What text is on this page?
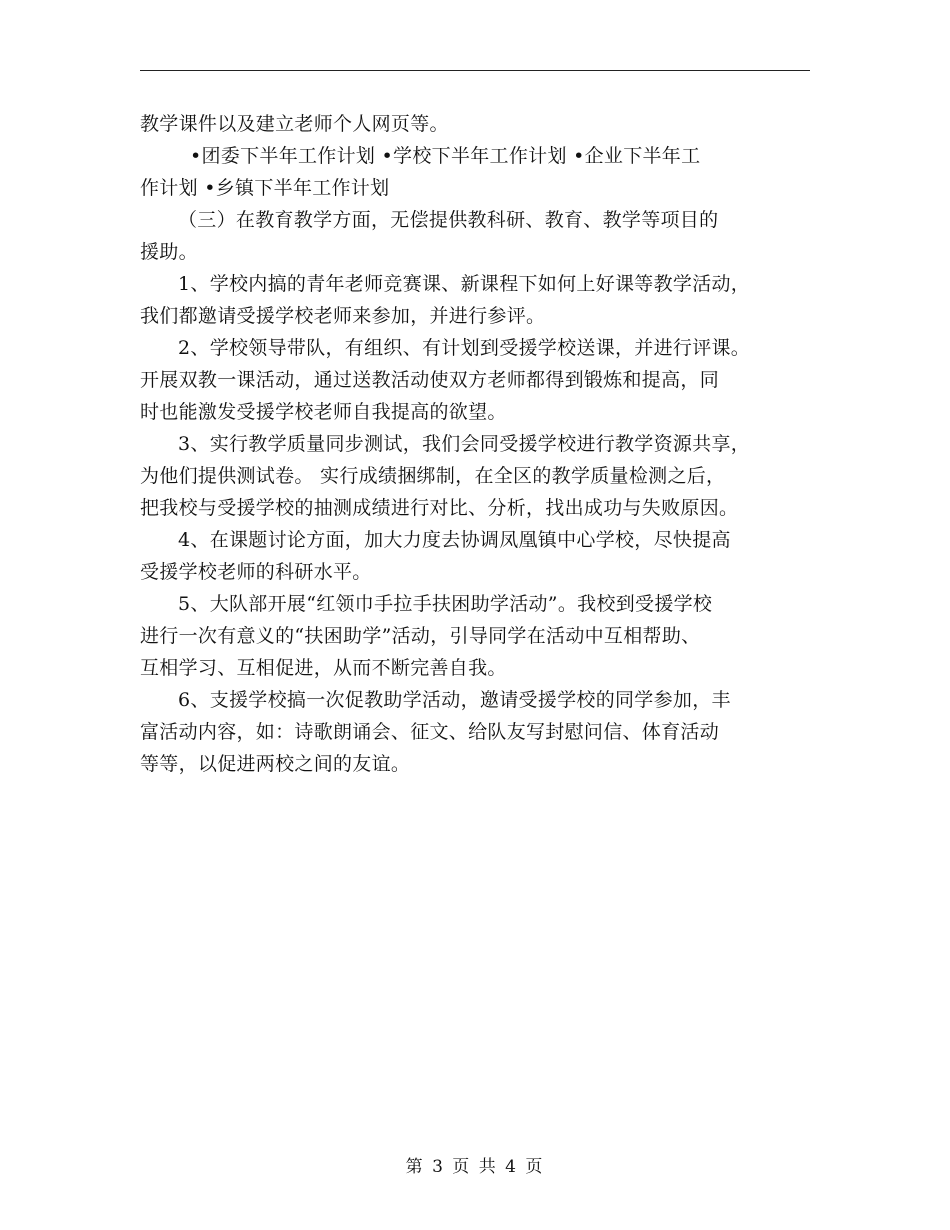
教学课件以及建立老师个人网页等。
•团委下半年工作计划 •学校下半年工作计划 •企业下半年工
作计划 •乡镇下半年工作计划
（三）在教育教学方面，无偿提供教科研、教育、教学等项目的
援助。
1、学校内搞的青年老师竞赛课、新课程下如何上好课等教学活动，
我们都邀请受援学校老师来参加，并进行参评。
2、学校领导带队，有组织、有计划到受援学校送课，并进行评课。
开展双教一课活动，通过送教活动使双方老师都得到锻炼和提高，同
时也能激发受援学校老师自我提高的欲望。
3、实行教学质量同步测试，我们会同受援学校进行教学资源共享，
为他们提供测试卷。 实行成绩捆绑制，在全区的教学质量检测之后，
把我校与受援学校的抽测成绩进行对比、分析，找出成功与失败原因。
4、在课题讨论方面，加大力度去协调凤凰镇中心学校，尽快提高
受援学校老师的科研水平。
5、大队部开展“红领巾手拉手扶困助学活动”。我校到受援学校
进行一次有意义的“扶困助学”活动，引导同学在活动中互相帮助、
互相学习、互相促进，从而不断完善自我。
6、支援学校搞一次促教助学活动，邀请受援学校的同学参加，丰
富活动内容，如：诗歌朗诵会、征文、给队友写封慰问信、体育活动
等等，以促进两校之间的友谊。
第 3 页 共 4 页
